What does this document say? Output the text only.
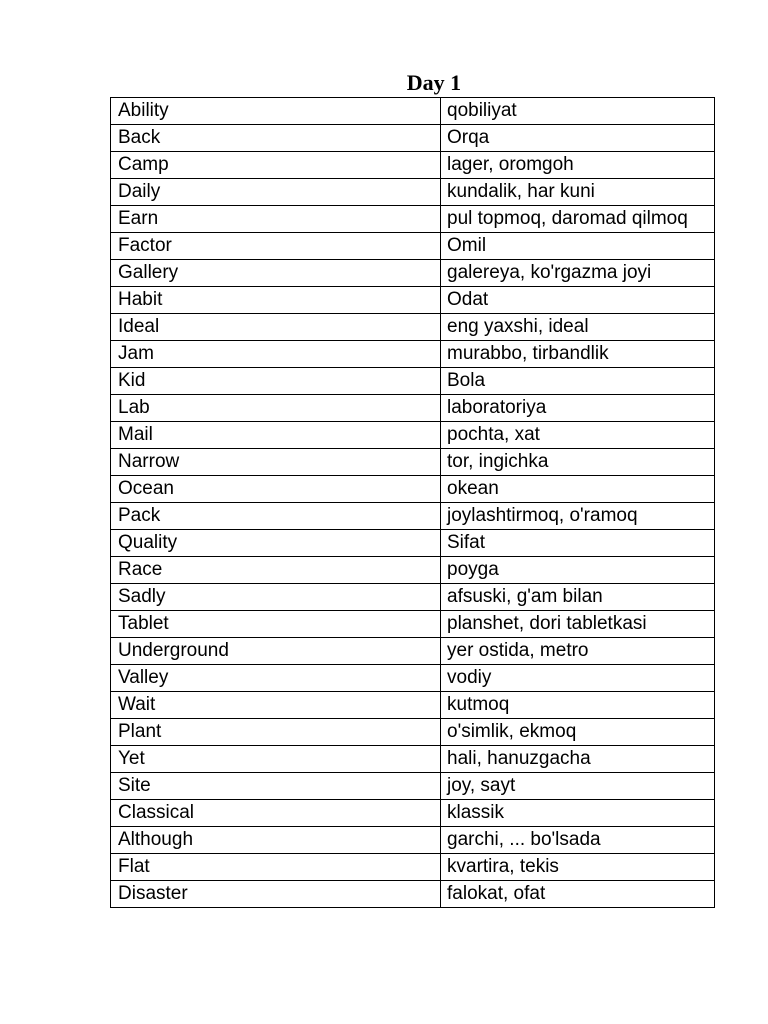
Day 1
Ability	qobiliyat
Back	Orqa
Camp	lager, oromgoh
Daily	kundalik, har kuni
Earn	pul topmoq, daromad qilmoq
Factor	Omil
Gallery	galereya, ko'rgazma joyi
Habit	Odat
Ideal	eng yaxshi, ideal
Jam	murabbo, tirbandlik
Kid	Bola
Lab	laboratoriya
Mail	pochta, xat
Narrow	tor, ingichka
Ocean	okean
Pack	joylashtirmoq, o'ramoq
Quality	Sifat
Race	poyga
Sadly	afsuski, g'am bilan
Tablet	planshet, dori tabletkasi
Underground	yer ostida, metro
Valley	vodiy
Wait	kutmoq
Plant	o'simlik, ekmoq
Yet	hali, hanuzgacha
Site	joy, sayt
Classical	klassik
Although	garchi, ... bo'lsada
Flat	kvartira, tekis
Disaster	falokat, ofat
